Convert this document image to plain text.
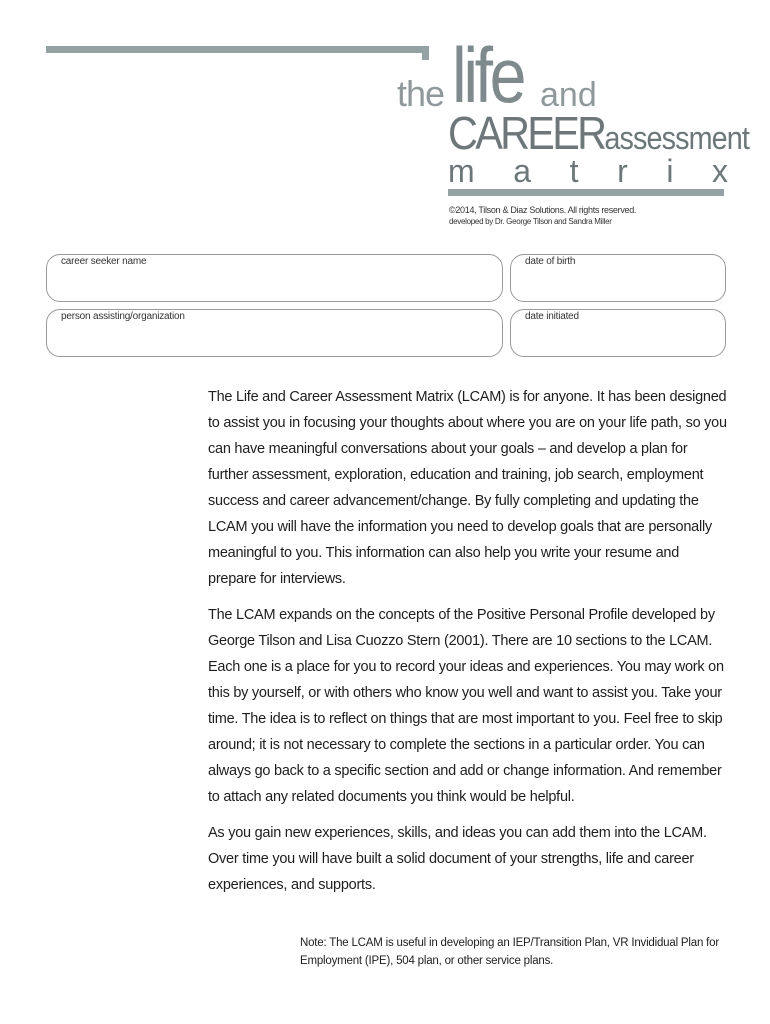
the life and
CAREERassessment
m a t r i x
©2014, Tilson & Diaz Solutions. All rights reserved.
developed by Dr. George Tilson and Sandra Miller
career seeker name	date of birth
person assisting/organization	date initiated

The Life and Career Assessment Matrix (LCAM) is for anyone. It has been designed to assist you in focusing your thoughts about where you are on your life path, so you can have meaningful conversations about your goals – and develop a plan for further assessment, exploration, education and training, job search, employment success and career advancement/change. By fully completing and updating the LCAM you will have the information you need to develop goals that are personally meaningful to you. This information can also help you write your resume and prepare for interviews.

The LCAM expands on the concepts of the Positive Personal Profile developed by George Tilson and Lisa Cuozzo Stern (2001). There are 10 sections to the LCAM. Each one is a place for you to record your ideas and experiences. You may work on this by yourself, or with others who know you well and want to assist you. Take your time. The idea is to reflect on things that are most important to you. Feel free to skip around; it is not necessary to complete the sections in a particular order. You can always go back to a specific section and add or change information. And remember to attach any related documents you think would be helpful.

As you gain new experiences, skills, and ideas you can add them into the LCAM. Over time you will have built a solid document of your strengths, life and career experiences, and supports.

Note: The LCAM is useful in developing an IEP/Transition Plan, VR Invididual Plan for Employment (IPE), 504 plan, or other service plans.
